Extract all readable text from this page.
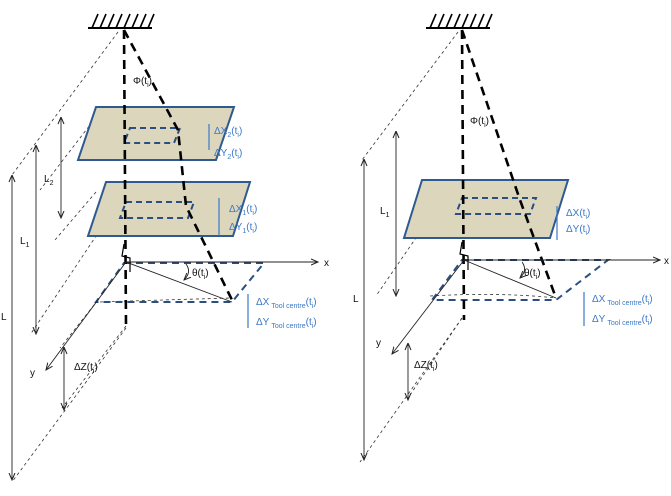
$\Phi(t_i)$
$\Delta X_2(t_i)$
$\Delta Y_2(t_i)$
$\Delta X_1(t_i)$
$\Delta Y_1(t_i)$
$L_2$
$L_1$
L
$\theta(t_i)$
ΔX $_{Tool centre}(t_i)$
ΔY $_{Tool centre}(t_i)$
$\Delta Z(t_i)$
x
y
$\Phi(t_i)$
$\Delta X(t_i)$
$\Delta Y(t_i)$
$L_1$
L
$\theta(t_i)$
ΔX $_{Tool centre}(t_i)$
ΔY $_{Tool centre}(t_i)$
$\Delta Z(t_i)$
x
y
